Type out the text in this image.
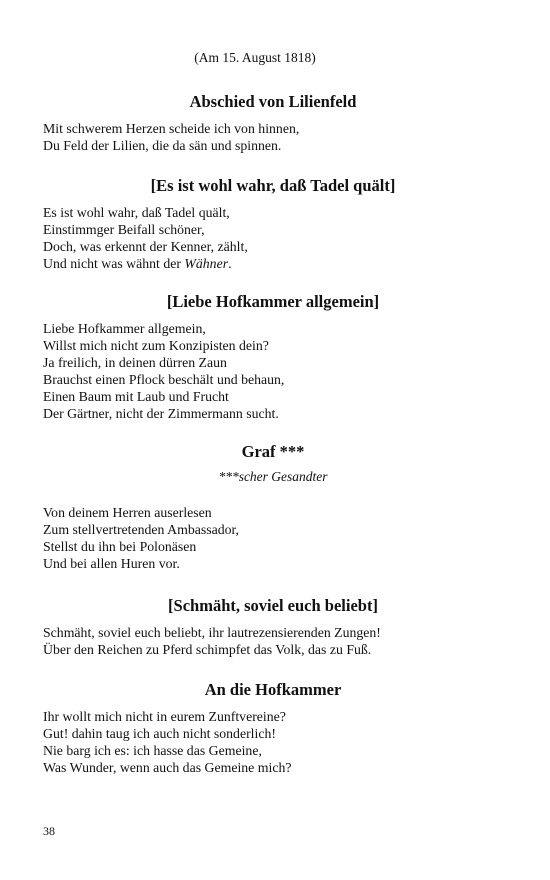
(Am 15. August 1818)
Abschied von Lilienfeld
Mit schwerem Herzen scheide ich von hinnen,
Du Feld der Lilien, die da sän und spinnen.
[Es ist wohl wahr, daß Tadel quält]
Es ist wohl wahr, daß Tadel quält,
Einstimmger Beifall schöner,
Doch, was erkennt der Kenner, zählt,
Und nicht was wähnt der Wähner.
[Liebe Hofkammer allgemein]
Liebe Hofkammer allgemein,
Willst mich nicht zum Konzipisten dein?
Ja freilich, in deinen dürren Zaun
Brauchst einen Pflock beschält und behaun,
Einen Baum mit Laub und Frucht
Der Gärtner, nicht der Zimmermann sucht.
Graf ***
***scher Gesandter
Von deinem Herren auserlesen
Zum stellvertretenden Ambassador,
Stellst du ihn bei Polonäsen
Und bei allen Huren vor.
[Schmäht, soviel euch beliebt]
Schmäht, soviel euch beliebt, ihr lautrezensierenden Zungen!
Über den Reichen zu Pferd schimpfet das Volk, das zu Fuß.
An die Hofkammer
Ihr wollt mich nicht in eurem Zunftvereine?
Gut! dahin taug ich auch nicht sonderlich!
Nie barg ich es: ich hasse das Gemeine,
Was Wunder, wenn auch das Gemeine mich?
38
